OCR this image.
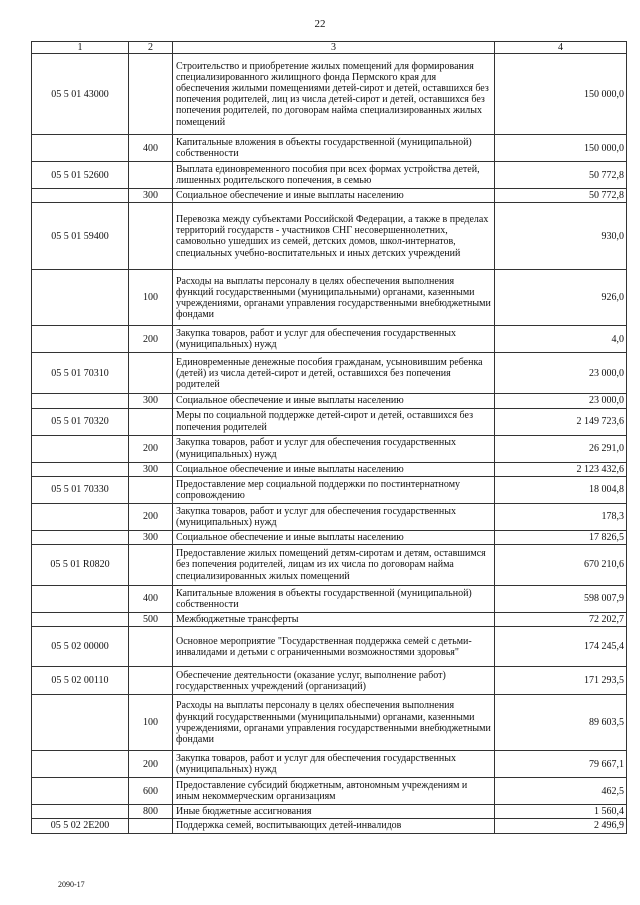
22
1	2	3	4
05 5 01 43000		Строительство и приобретение жилых помещений для формирования специализированного жилищного фонда Пермского края для обеспечения жилыми помещениями детей-сирот и детей, оставшихся без попечения родителей, лиц из числа детей-сирот и детей, оставшихся без попечения родителей, по договорам найма специализированных жилых помещений	150 000,0
	400	Капитальные вложения в объекты государственной (муниципальной) собственности	150 000,0
05 5 01 52600		Выплата единовременного пособия при всех формах устройства детей, лишенных родительского попечения, в семью	50 772,8
	300	Социальное обеспечение и иные выплаты населению	50 772,8
05 5 01 59400		Перевозка между субъектами Российской Федерации, а также в пределах территорий государств - участников СНГ несовершеннолетних, самовольно ушедших из семей, детских домов, школ-интернатов, специальных учебно-воспитательных и иных детских учреждений	930,0
	100	Расходы на выплаты персоналу в целях обеспечения выполнения функций государственными (муниципальными) органами, казенными учреждениями, органами управления государственными внебюджетными фондами	926,0
	200	Закупка товаров, работ и услуг для обеспечения государственных (муниципальных) нужд	4,0
05 5 01 70310		Единовременные денежные пособия гражданам, усыновившим ребенка (детей) из числа детей-сирот и детей, оставшихся без попечения родителей	23 000,0
	300	Социальное обеспечение и иные выплаты населению	23 000,0
05 5 01 70320		Меры по социальной поддержке детей-сирот и детей, оставшихся без попечения родителей	2 149 723,6
	200	Закупка товаров, работ и услуг для обеспечения государственных (муниципальных) нужд	26 291,0
	300	Социальное обеспечение и иные выплаты населению	2 123 432,6
05 5 01 70330		Предоставление мер социальной поддержки по постинтернатному сопровождению	18 004,8
	200	Закупка товаров, работ и услуг для обеспечения государственных (муниципальных) нужд	178,3
	300	Социальное обеспечение и иные выплаты населению	17 826,5
05 5 01 R0820		Предоставление жилых помещений детям-сиротам и детям, оставшимся без попечения родителей, лицам из их числа по договорам найма специализированных жилых помещений	670 210,6
	400	Капитальные вложения в объекты государственной (муниципальной) собственности	598 007,9
	500	Межбюджетные трансферты	72 202,7
05 5 02 00000		Основное мероприятие "Государственная поддержка семей с детьми-инвалидами и детьми с ограниченными возможностями здоровья"	174 245,4
05 5 02 00110		Обеспечение деятельности (оказание услуг, выполнение работ) государственных учреждений (организаций)	171 293,5
	100	Расходы на выплаты персоналу в целях обеспечения выполнения функций государственными (муниципальными) органами, казенными учреждениями, органами управления государственными внебюджетными фондами	89 603,5
	200	Закупка товаров, работ и услуг для обеспечения государственных (муниципальных) нужд	79 667,1
	600	Предоставление субсидий бюджетным, автономным учреждениям и иным некоммерческим организациям	462,5
	800	Иные бюджетные ассигнования	1 560,4
05 5 02 2Е200		Поддержка семей, воспитывающих детей-инвалидов	2 496,9
2090-17
